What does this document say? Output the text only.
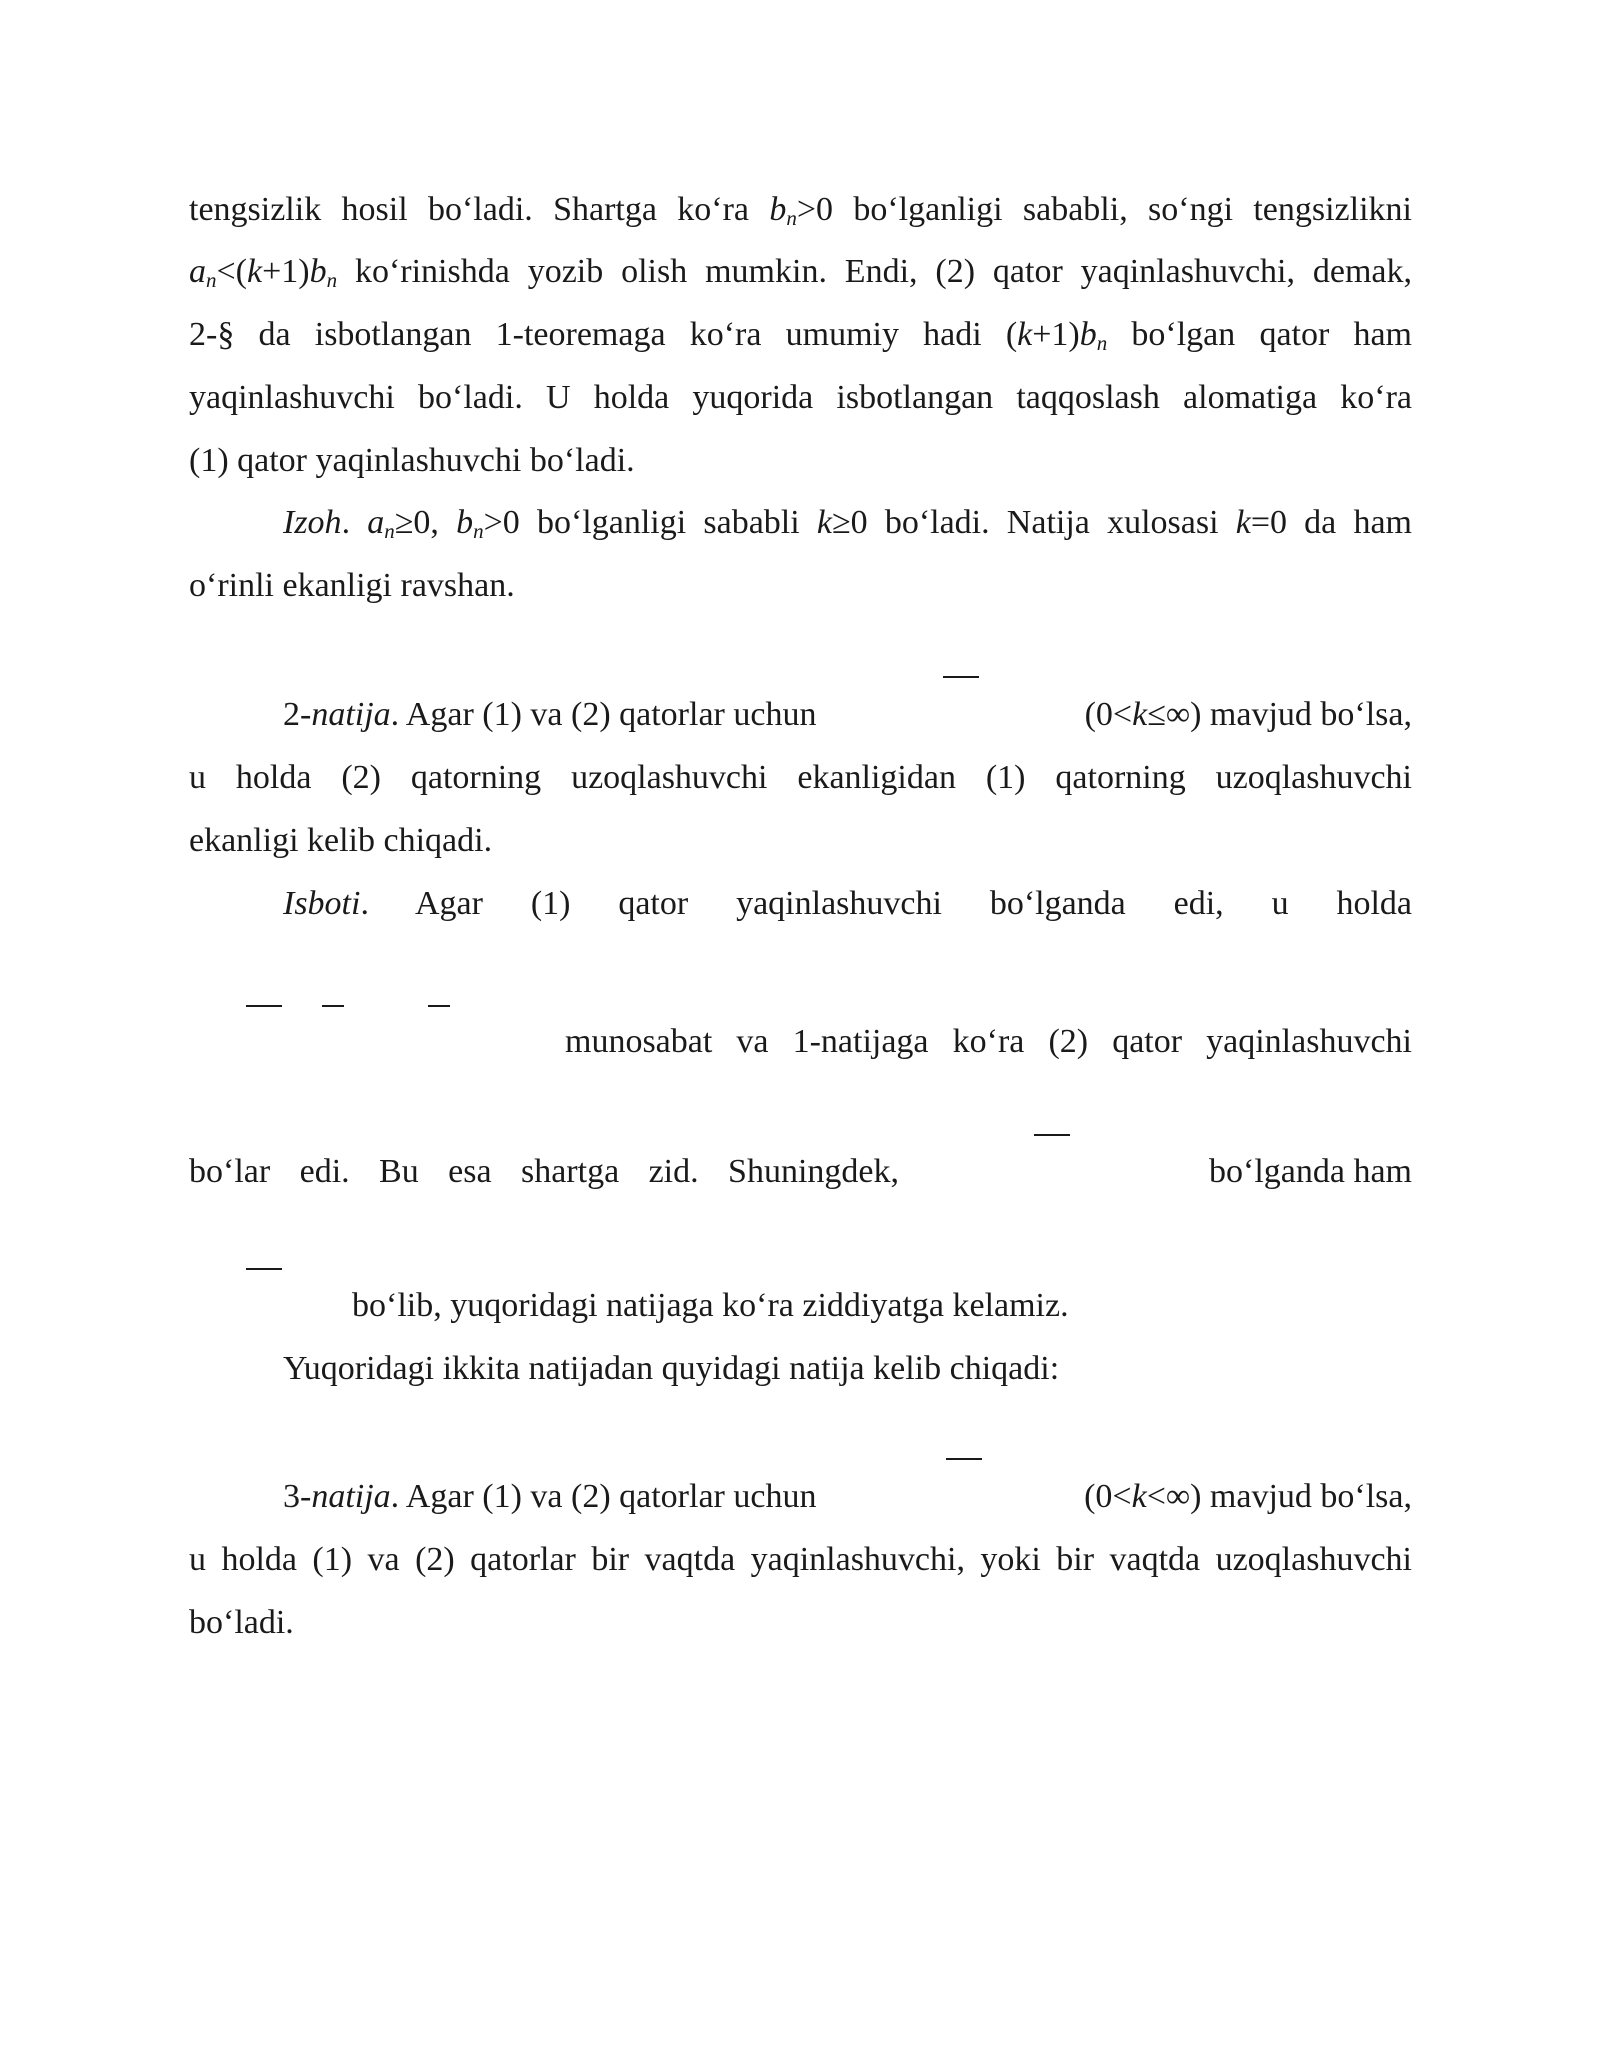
tengsizlik hosil bo‘ladi. Shartga ko‘ra $b_n>0$ bo‘lganligi sababli, so‘ngi tengsizlikni
$a_n<(k+1)b_n$ ko‘rinishda yozib olish mumkin. Endi, (2) qator yaqinlashuvchi, demak,
2-§ da isbotlangan 1-teoremaga ko‘ra umumiy hadi $(k+1)b_n$ bo‘lgan qator ham
yaqinlashuvchi bo‘ladi. U holda yuqorida isbotlangan taqqoslash alomatiga ko‘ra
(1) qator yaqinlashuvchi bo‘ladi.
Izoh. $a_n\ge 0$, $b_n>0$ bo‘lganligi sababli k≥0 bo‘ladi. Natija xulosasi k=0 da ham
o‘rinli ekanligi ravshan.
2-natija. Agar (1) va (2) qatorlar uchun	(0<k≤∞) mavjud bo‘lsa,
u holda (2) qatorning uzoqlashuvchi ekanligidan (1) qatorning uzoqlashuvchi
ekanligi kelib chiqadi.
Isboti. Agar (1) qator yaqinlashuvchi bo‘lganda edi, u holda
munosabat va 1-natijaga ko‘ra (2) qator yaqinlashuvchi
bo‘lar edi. Bu esa shartga zid. Shuningdek,	bo‘lganda ham
bo‘lib, yuqoridagi natijaga ko‘ra ziddiyatga kelamiz.
Yuqoridagi ikkita natijadan quyidagi natija kelib chiqadi:
3-natija. Agar (1) va (2) qatorlar uchun	(0<k<∞) mavjud bo‘lsa,
u holda (1) va (2) qatorlar bir vaqtda yaqinlashuvchi, yoki bir vaqtda uzoqlashuvchi
bo‘ladi.
